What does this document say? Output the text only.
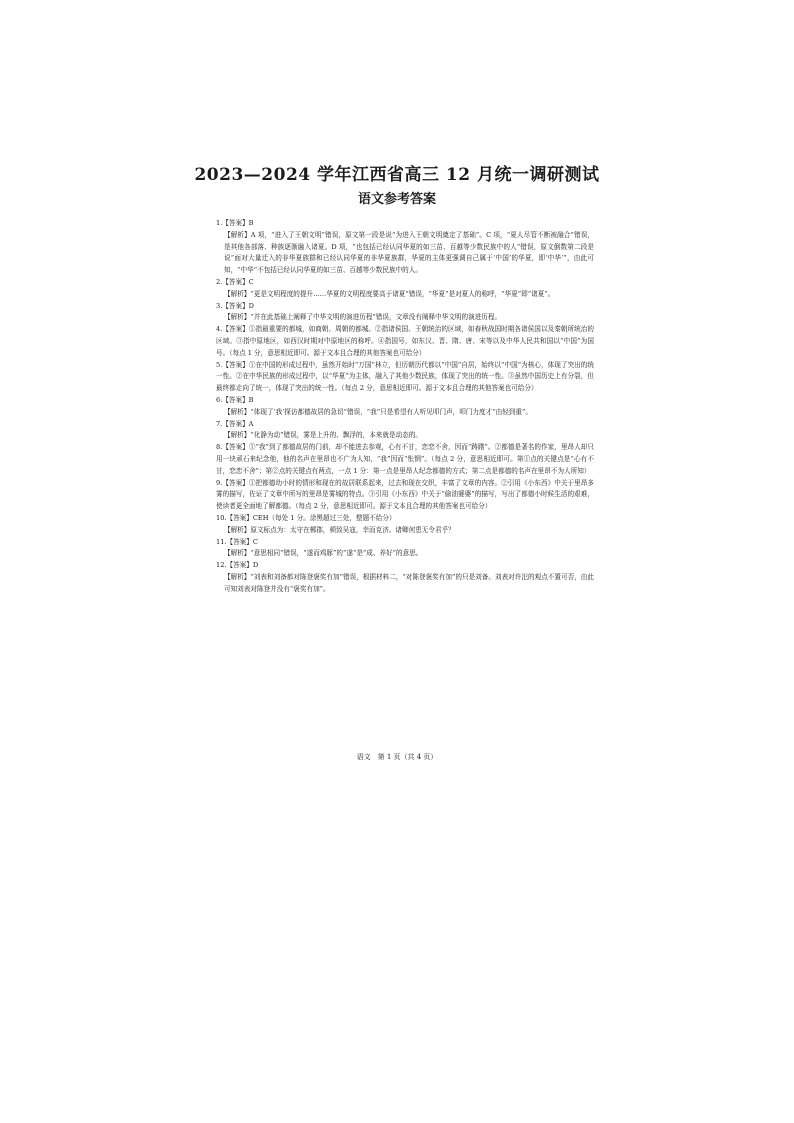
2023—2024 学年江西省高三 12 月统一调研测试
语文参考答案
1.【答案】B
【解析】A 项，“进入了王朝文明”错误，原文第一段是说“为进入王朝文明奠定了基础”。C 项，“夏人尽管不断被融合”错误，是其他各部落、种族逐渐融入诸夏。D 项，“也包括已经认同华夏的如三苗、百越等少数民族中的人”错误，原文倒数第二段是说“面对大量迁入的非华夏族群和已经认同华夏的非华夏族群，华夏的主体更强调自己属于‘中国’的华夏，即‘中华’”，由此可知，“中华”不包括已经认同华夏的如三苗、百越等少数民族中的人。
2.【答案】C
【解析】“更是文明程度的提升……华夏的文明程度要高于诸夏”错误，“华夏”是对夏人的称呼，“华夏”即“诸夏”。
3.【答案】D
【解析】“并在此基础上阐释了中华文明的演进历程”错误，文章没有阐释中华文明的演进历程。
4.【答案】①指最重要的都城，如商朝、周朝的都城。②指诸侯国、王朝统治的区域，如春秋战国时期各诸侯国以及秦朝所统治的区域。③指中原地区，如西汉时期对中原地区的称呼。④指国号，如东汉、晋、隋、唐、宋等以及中华人民共和国以“中国”为国号。（每点 1 分，意思相近即可。源于文本且合理的其他答案也可给分）
5.【答案】①在中国的形成过程中，虽然开始时“万国”林立，但历朝历代都以“中国”自居，始终以“中国”为核心，体现了突出的统一性。②在中华民族的形成过程中，以“华夏”为主体，融入了其他少数民族，体现了突出的统一性。③虽然中国历史上有分裂，但最终都走向了统一，体现了突出的统一性。（每点 2 分，意思相近即可。源于文本且合理的其他答案也可给分）
6.【答案】B
【解析】“体现了‘我’探访都德故居的急切”错误，“我”只是希望有人听见叩门声，叩门力度才“由轻到重”。
7.【答案】A
【解析】“化静为动”错误，雾是上升的、飘浮的，本来就是动态的。
8.【答案】①“我”到了都德故居的门前，却不能进去参观，心有不甘，恋恋不舍，因而“踌躇”。②都德是著名的作家，里昂人却只用一块顽石来纪念他，他的名声在里昂也不广为人知，“我”因而“怅惘”。（每点 2 分，意思相近即可。第①点的关键点是“心有不甘，恋恋不舍”；第②点的关键点有两点，一点 1 分：第一点是里昂人纪念都德的方式；第二点是都德的名声在里昂不为人所知）
9.【答案】①把都德幼小时的情形和现在的故居联系起来，过去和现在交织，丰富了文章的内容。②引用《小东西》中关于里昂多雾的描写，佐证了文章中所写的里昂是雾城的特点。③引用《小东西》中关于“偷油婆婆”的描写，写出了都德小时候生活的艰难，使读者更全面地了解都德。（每点 2 分，意思相近即可。源于文本且合理的其他答案也可给分）
10.【答案】CEH（每处 1 分。涂黑超过三处，整题不给分）
【解析】原文标点为：太守在郴郡，顿致吴寇，幸而克济。诸卿何患无令君乎？
11.【答案】C
【解析】“意思相同”错误，“遂而鸡豚”的“遂”是“成、养好”的意思。
12.【答案】D
【解析】“刘表和刘备都对陈登褒奖有加”错误，根据材料二，“对陈登褒奖有加”的只是刘备。刘表对许汜的观点不置可否，由此可知刘表对陈登并没有“褒奖有加”。
语文　第 1 页（共 4 页）
